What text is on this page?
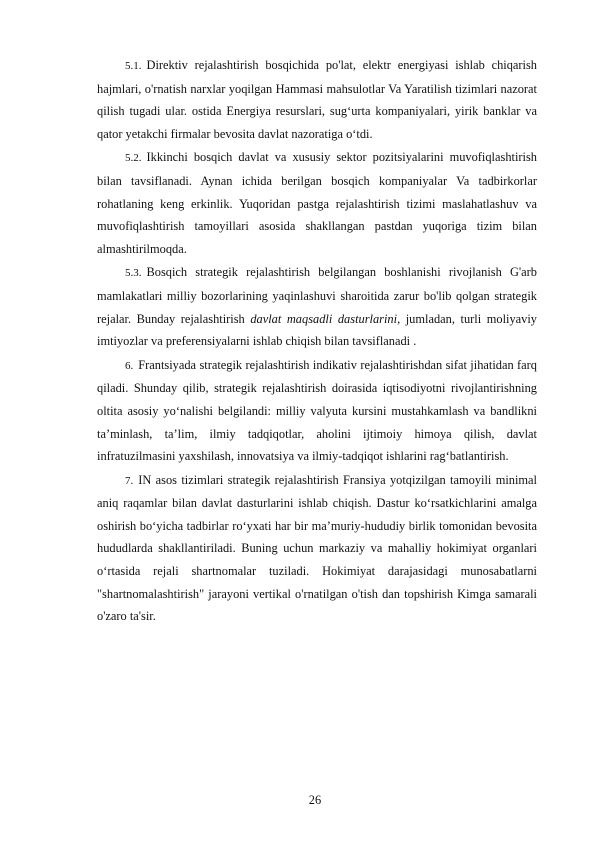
5.1. Direktiv rejalashtirish bosqichida po'lat, elektr energiyasi ishlab chiqarish hajmlari, o'rnatish narxlar yoqilgan Hammasi mahsulotlar Va Yaratilish tizimlari nazorat qilish tugadi ular. ostida Energiya resurslari, sug‘urta kompaniyalari, yirik banklar va qator yetakchi firmalar bevosita davlat nazoratiga o‘tdi.

5.2. Ikkinchi bosqich davlat va xususiy sektor pozitsiyalarini muvofiqlashtirish bilan tavsiflanadi. Aynan ichida berilgan bosqich kompaniyalar Va tadbirkorlar rohatlaning keng erkinlik. Yuqoridan pastga rejalashtirish tizimi maslahatlashuv va muvofiqlashtirish tamoyillari asosida shakllangan pastdan yuqoriga tizim bilan almashtirilmoqda.

5.3. Bosqich strategik rejalashtirish belgilangan boshlanishi rivojlanish G'arb mamlakatlari milliy bozorlarining yaqinlashuvi sharoitida zarur bo'lib qolgan strategik rejalar. Bunday rejalashtirish davlat maqsadli dasturlarini, jumladan, turli moliyaviy imtiyozlar va preferensiyalarni ishlab chiqish bilan tavsiflanadi .

6. Frantsiyada strategik rejalashtirish indikativ rejalashtirishdan sifat jihatidan farq qiladi. Shunday qilib, strategik rejalashtirish doirasida iqtisodiyotni rivojlantirishning oltita asosiy yo‘nalishi belgilandi: milliy valyuta kursini mustahkamlash va bandlikni ta’minlash, ta’lim, ilmiy tadqiqotlar, aholini ijtimoiy himoya qilish, davlat infratuzilmasini yaxshilash, innovatsiya va ilmiy-tadqiqot ishlarini rag‘batlantirish.

7. IN asos tizimlari strategik rejalashtirish Fransiya yotqizilgan tamoyili minimal aniq raqamlar bilan davlat dasturlarini ishlab chiqish. Dastur ko‘rsatkichlarini amalga oshirish bo‘yicha tadbirlar ro‘yxati har bir ma’muriy-hududiy birlik tomonidan bevosita hududlarda shakllantiriladi. Buning uchun markaziy va mahalliy hokimiyat organlari o‘rtasida rejali shartnomalar tuziladi. Hokimiyat darajasidagi munosabatlarni "shartnomalashtirish" jarayoni vertikal o'rnatilgan o'tish dan topshirish Kimga samarali o'zaro ta'sir.

26
